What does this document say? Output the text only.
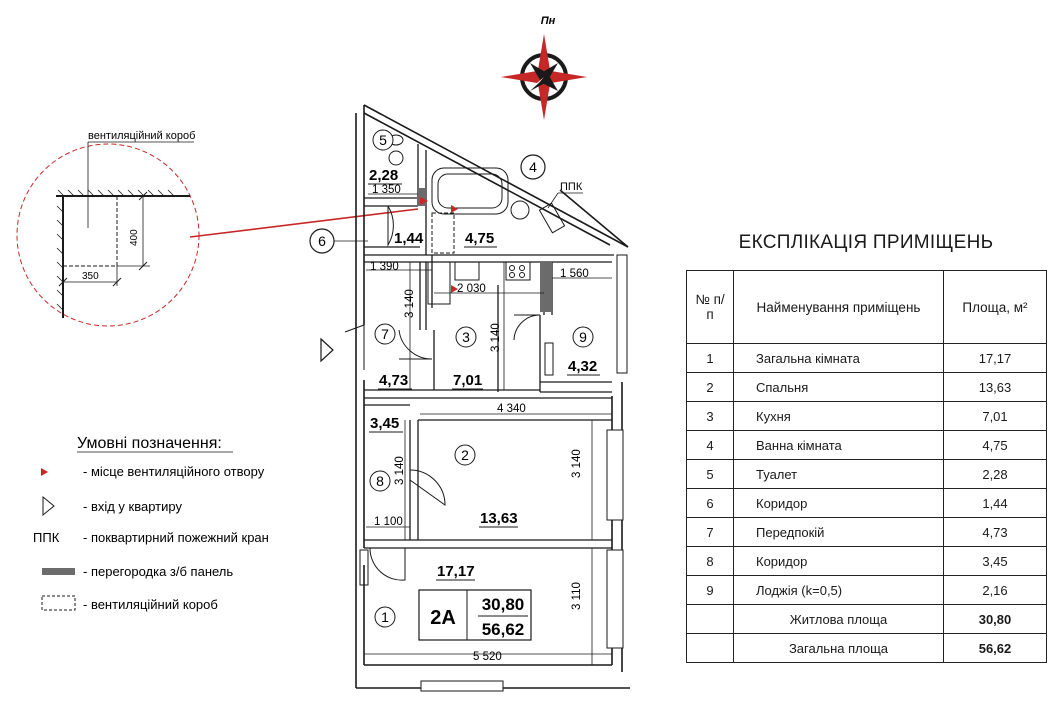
Пн
вентиляційний короб
400
350
Умовні позначення:
- місце вентиляційного отвору
- вхід у квартиру
ППК - поквартирний пожежний кран
- перегородка з/б панель
- вентиляційний короб
1 350
1 390
2 030
1 560
3 140
3 140
4 340
3 140
3 140
1 100
3 110
5 520
1
2
3
4
5
6
7
8
9
17,17
13,63
7,01
4,75
2,28
1,44
4,73
3,45
4,32
2А
30,80
56,62
ППК
ЕКСПЛІКАЦІЯ ПРИМІЩЕНЬ
№ п/п	Найменування приміщень	Площа, м²
1	Загальна кімната	17,17
2	Спальня	13,63
3	Кухня	7,01
4	Ванна кімната	4,75
5	Туалет	2,28
6	Коридор	1,44
7	Передпокій	4,73
8	Коридор	3,45
9	Лоджія (k=0,5)	2,16
	Житлова площа	30,80
	Загальна площа	56,62
